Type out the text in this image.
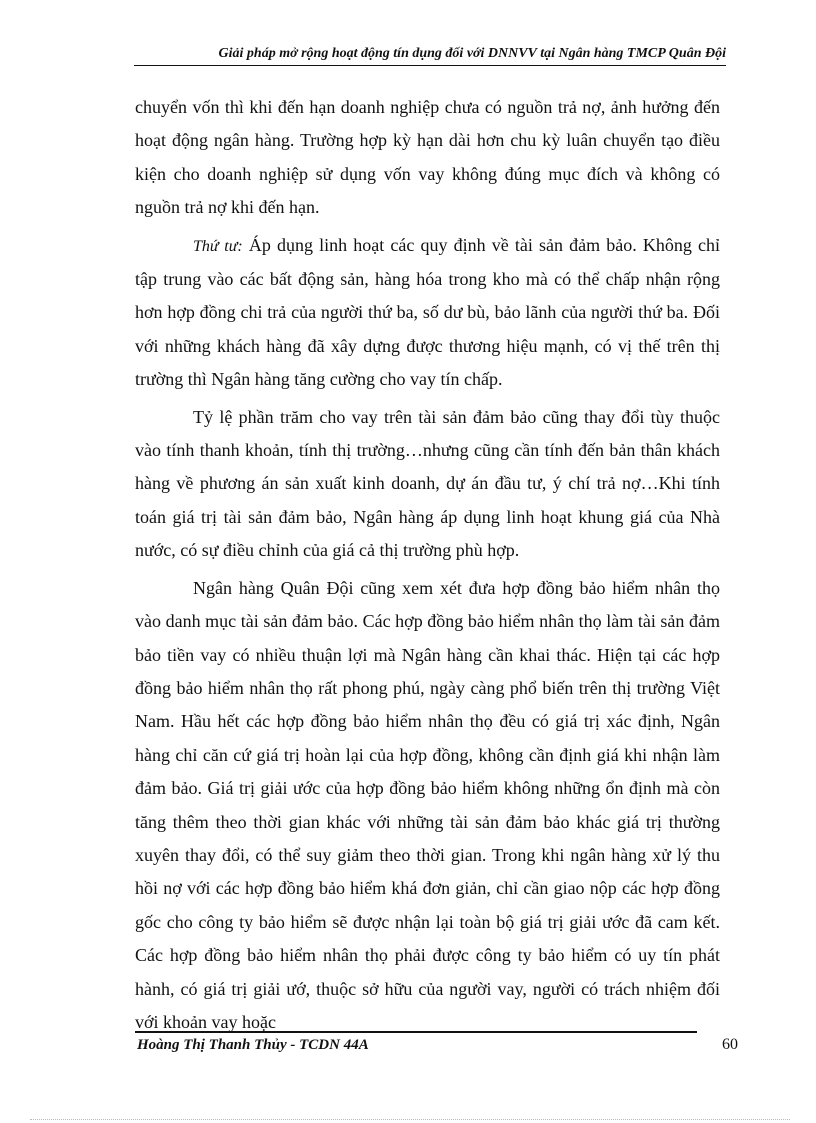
Giải pháp mở rộng hoạt động tín dụng đối với DNNVV tại Ngân hàng TMCP Quân Đội

chuyển vốn thì khi đến hạn doanh nghiệp chưa có nguồn trả nợ, ảnh hưởng đến hoạt động ngân hàng. Trường hợp kỳ hạn dài hơn chu kỳ luân chuyển tạo điều kiện cho doanh nghiệp sử dụng vốn vay không đúng mục đích và không có nguồn trả nợ khi đến hạn.

Thứ tư: Áp dụng linh hoạt các quy định về tài sản đảm bảo. Không chỉ tập trung vào các bất động sản, hàng hóa trong kho mà có thể chấp nhận rộng hơn hợp đồng chi trả của người thứ ba, số dư bù, bảo lãnh của người thứ ba. Đối với những khách hàng đã xây dựng được thương hiệu mạnh, có vị thế trên thị trường thì Ngân hàng tăng cường cho vay tín chấp.

Tỷ lệ phần trăm cho vay trên tài sản đảm bảo cũng thay đổi tùy thuộc vào tính thanh khoản, tính thị trường…nhưng cũng cần tính đến bản thân khách hàng về phương án sản xuất kinh doanh, dự án đầu tư, ý chí trả nợ…Khi tính toán giá trị tài sản đảm bảo, Ngân hàng áp dụng linh hoạt khung giá của Nhà nước, có sự điều chỉnh của giá cả thị trường phù hợp.

Ngân hàng Quân Đội cũng xem xét đưa hợp đồng bảo hiểm nhân thọ vào danh mục tài sản đảm bảo. Các hợp đồng bảo hiểm nhân thọ làm tài sản đảm bảo tiền vay có nhiều thuận lợi mà Ngân hàng cần khai thác. Hiện tại các hợp đồng bảo hiểm nhân thọ rất phong phú, ngày càng phổ biến trên thị trường Việt Nam. Hầu hết các hợp đồng bảo hiểm nhân thọ đều có giá trị xác định, Ngân hàng chỉ căn cứ giá trị hoàn lại của hợp đồng, không cần định giá khi nhận làm đảm bảo. Giá trị giải ước của hợp đồng bảo hiểm không những ổn định mà còn tăng thêm theo thời gian khác với những tài sản đảm bảo khác giá trị thường xuyên thay đổi, có thể suy giảm theo thời gian. Trong khi ngân hàng xử lý thu hồi nợ với các hợp đồng bảo hiểm khá đơn giản, chỉ cần giao nộp các hợp đồng gốc cho công ty bảo hiểm sẽ được nhận lại toàn bộ giá trị giải ước đã cam kết. Các hợp đồng bảo hiểm nhân thọ phải được công ty bảo hiểm có uy tín phát hành, có giá trị giải ướ, thuộc sở hữu của người vay, người có trách nhiệm đối với khoản vay hoặc

Hoàng Thị Thanh Thủy - TCDN 44A	60
